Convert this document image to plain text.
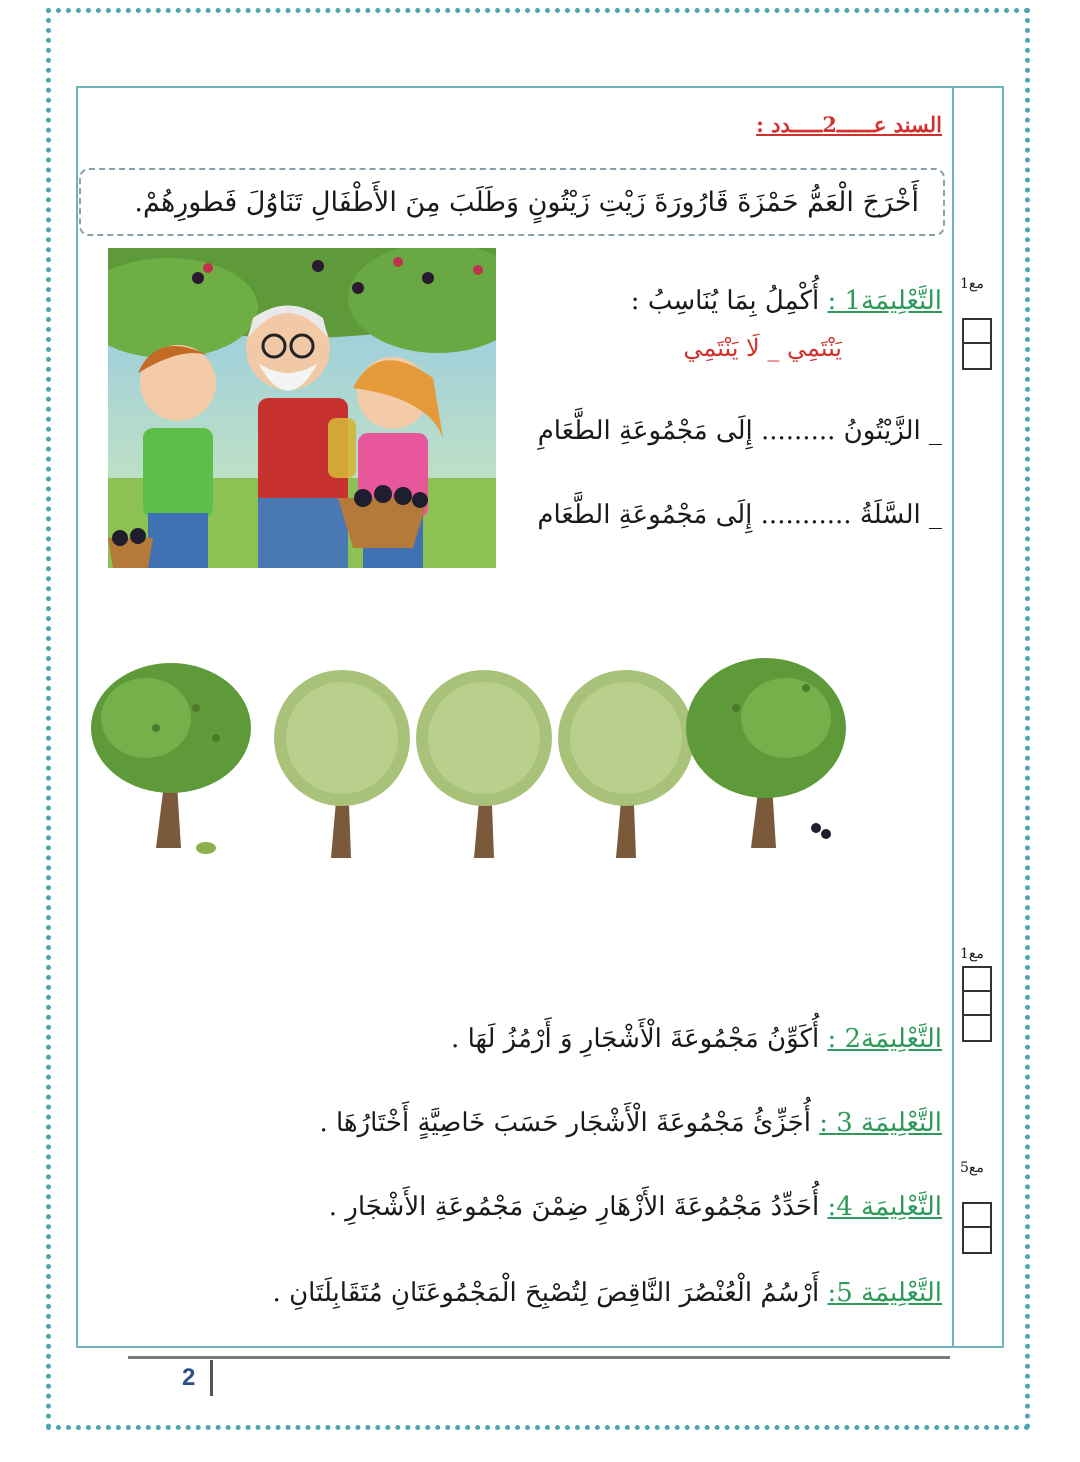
السند عــــــ2ـــــدد :
أَخْرَجَ الْعَمُّ حَمْزَةَ قَارُورَةَ زَيْتِ زَيْتُونٍ وَطَلَبَ مِنَ الأَطْفَالِ تَنَاوُلَ فَطورِهُمْ.
التَّعْلِيمَة1 : أُكْمِلُ بِمَا يُنَاسِبُ :
يَنْتَمِي _ لَا يَنْتَمِي
_ الزَّيْتُونُ ......... إِلَى مَجْمُوعَةِ الطَّعَامِ
_ السَّلَةُ ........... إِلَى مَجْمُوعَةِ الطَّعَام
مع1
مع1
مع5
التَّعْلِيمَة2 : أُكَوِّنُ مَجْمُوعَةَ الْأَشْجَارِ وَ أَرْمُزُ لَهَا .
التَّعْلِيمَة 3 : أُجَزِّئُ مَجْمُوعَةَ الْأَشْجَار حَسَبَ خَاصِيَّةٍ أَخْتَارُهَا .
التَّعْلِيمَة 4: أُحَدِّدُ مَجْمُوعَةَ الأَزْهَارِ ضِمْنَ مَجْمُوعَةِ الأَشْجَارِ .
التَّعْلِيمَة 5: أَرْسُمُ الْعُنْصُرَ النَّاقِصَ لِتُصْبِحَ الْمَجْمُوعَتَانِ مُتَقَابِلَتَانِ .
2
